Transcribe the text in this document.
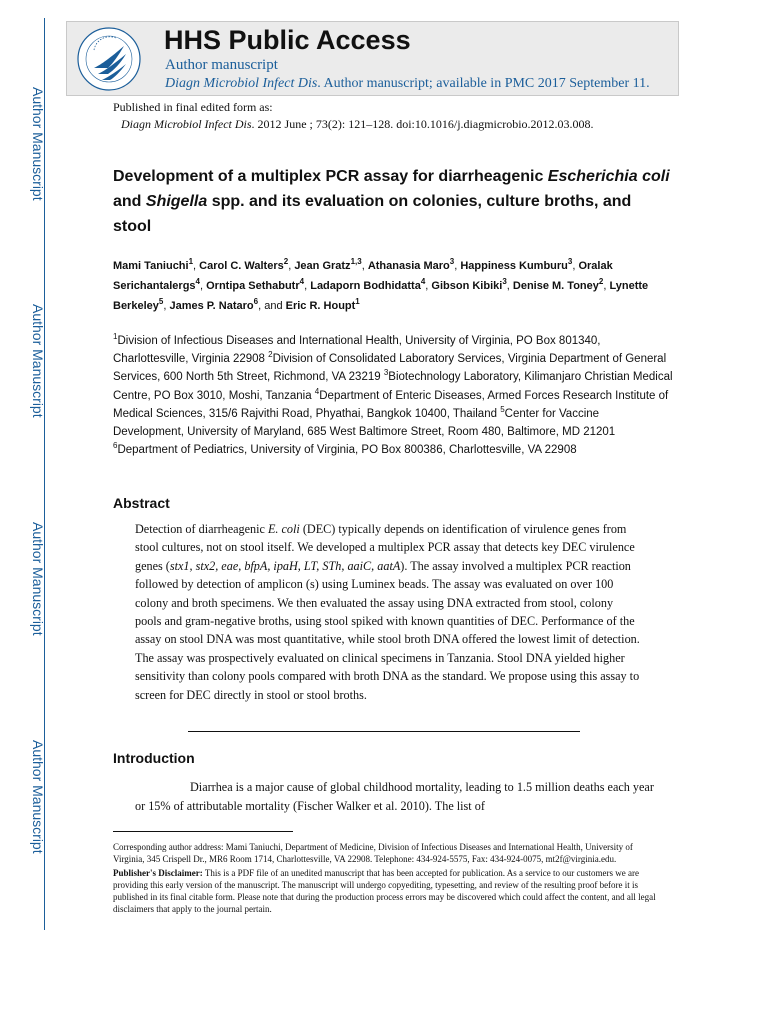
Author Manuscript
Author Manuscript
Author Manuscript
Author Manuscript
HHS Public Access
Author manuscript
Diagn Microbiol Infect Dis. Author manuscript; available in PMC 2017 September 11.
Published in final edited form as:
Diagn Microbiol Infect Dis. 2012 June ; 73(2): 121–128. doi:10.1016/j.diagmicrobio.2012.03.008.
Development of a multiplex PCR assay for diarrheagenic Escherichia coli and Shigella spp. and its evaluation on colonies, culture broths, and stool
Mami Taniuchi$^1$, Carol C. Walters$^2$, Jean Gratz$^{1,3}$, Athanasia Maro$^3$, Happiness Kumburu$^3$, Oralak Serichantalergs$^4$, Orntipa Sethabutr$^4$, Ladaporn Bodhidatta$^4$, Gibson Kibiki$^3$, Denise M. Toney$^2$, Lynette Berkeley$^5$, James P. Nataro$^6$, and Eric R. Houpt$^1$
$^1$Division of Infectious Diseases and International Health, University of Virginia, PO Box 801340, Charlottesville, Virginia 22908 $^2$Division of Consolidated Laboratory Services, Virginia Department of General Services, 600 North 5th Street, Richmond, VA 23219 $^3$Biotechnology Laboratory, Kilimanjaro Christian Medical Centre, PO Box 3010, Moshi, Tanzania $^4$Department of Enteric Diseases, Armed Forces Research Institute of Medical Sciences, 315/6 Rajvithi Road, Phyathai, Bangkok 10400, Thailand $^5$Center for Vaccine Development, University of Maryland, 685 West Baltimore Street, Room 480, Baltimore, MD 21201 $^6$Department of Pediatrics, University of Virginia, PO Box 800386, Charlottesville, VA 22908
Abstract
Detection of diarrheagenic E. coli (DEC) typically depends on identification of virulence genes from stool cultures, not on stool itself. We developed a multiplex PCR assay that detects key DEC virulence genes (stx1, stx2, eae, bfpA, ipaH, LT, STh, aaiC, aatA). The assay involved a multiplex PCR reaction followed by detection of amplicon (s) using Luminex beads. The assay was evaluated on over 100 colony and broth specimens. We then evaluated the assay using DNA extracted from stool, colony pools and gram-negative broths, using stool spiked with known quantities of DEC. Performance of the assay on stool DNA was most quantitative, while stool broth DNA offered the lowest limit of detection. The assay was prospectively evaluated on clinical specimens in Tanzania. Stool DNA yielded higher sensitivity than colony pools compared with broth DNA as the standard. We propose using this assay to screen for DEC directly in stool or stool broths.
Introduction
Diarrhea is a major cause of global childhood mortality, leading to 1.5 million deaths each year or 15% of attributable mortality (Fischer Walker et al. 2010). The list of

Corresponding author address: Mami Taniuchi, Department of Medicine, Division of Infectious Diseases and International Health, University of Virginia, 345 Crispell Dr., MR6 Room 1714, Charlottesville, VA 22908. Telephone: 434-924-5575, Fax: 434-924-0075, mt2f@virginia.edu.

Publisher's Disclaimer: This is a PDF file of an unedited manuscript that has been accepted for publication. As a service to our customers we are providing this early version of the manuscript. The manuscript will undergo copyediting, typesetting, and review of the resulting proof before it is published in its final citable form. Please note that during the production process errors may be discovered which could affect the content, and all legal disclaimers that apply to the journal pertain.
